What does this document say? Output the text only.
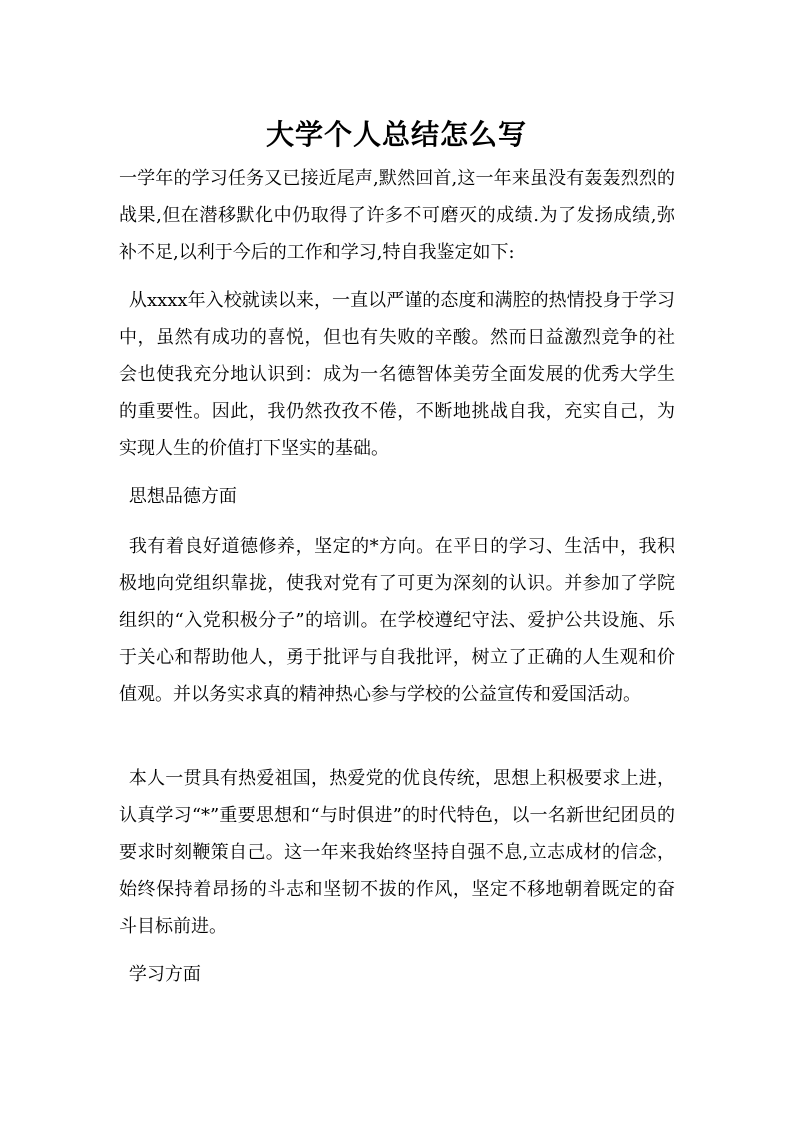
大学个人总结怎么写

一学年的学习任务又已接近尾声,默然回首,这一年来虽没有轰轰烈烈的战果,但在潜移默化中仍取得了许多不可磨灭的成绩.为了发扬成绩,弥补不足,以利于今后的工作和学习,特自我鉴定如下:

从xxxx年入校就读以来，一直以严谨的态度和满腔的热情投身于学习中，虽然有成功的喜悦，但也有失败的辛酸。然而日益激烈竞争的社会也使我充分地认识到：成为一名德智体美劳全面发展的优秀大学生的重要性。因此，我仍然孜孜不倦，不断地挑战自我，充实自己，为实现人生的价值打下坚实的基础。

思想品德方面

我有着良好道德修养，坚定的*方向。在平日的学习、生活中，我积极地向党组织靠拢，使我对党有了可更为深刻的认识。并参加了学院组织的“入党积极分子”的培训。在学校遵纪守法、爱护公共设施、乐于关心和帮助他人，勇于批评与自我批评，树立了正确的人生观和价值观。并以务实求真的精神热心参与学校的公益宣传和爱国活动。

本人一贯具有热爱祖国，热爱党的优良传统，思想上积极要求上进，认真学习“*”重要思想和“与时俱进”的时代特色，以一名新世纪团员的要求时刻鞭策自己。这一年来我始终坚持自强不息,立志成材的信念，始终保持着昂扬的斗志和坚韧不拔的作风，坚定不移地朝着既定的奋斗目标前进。

学习方面
